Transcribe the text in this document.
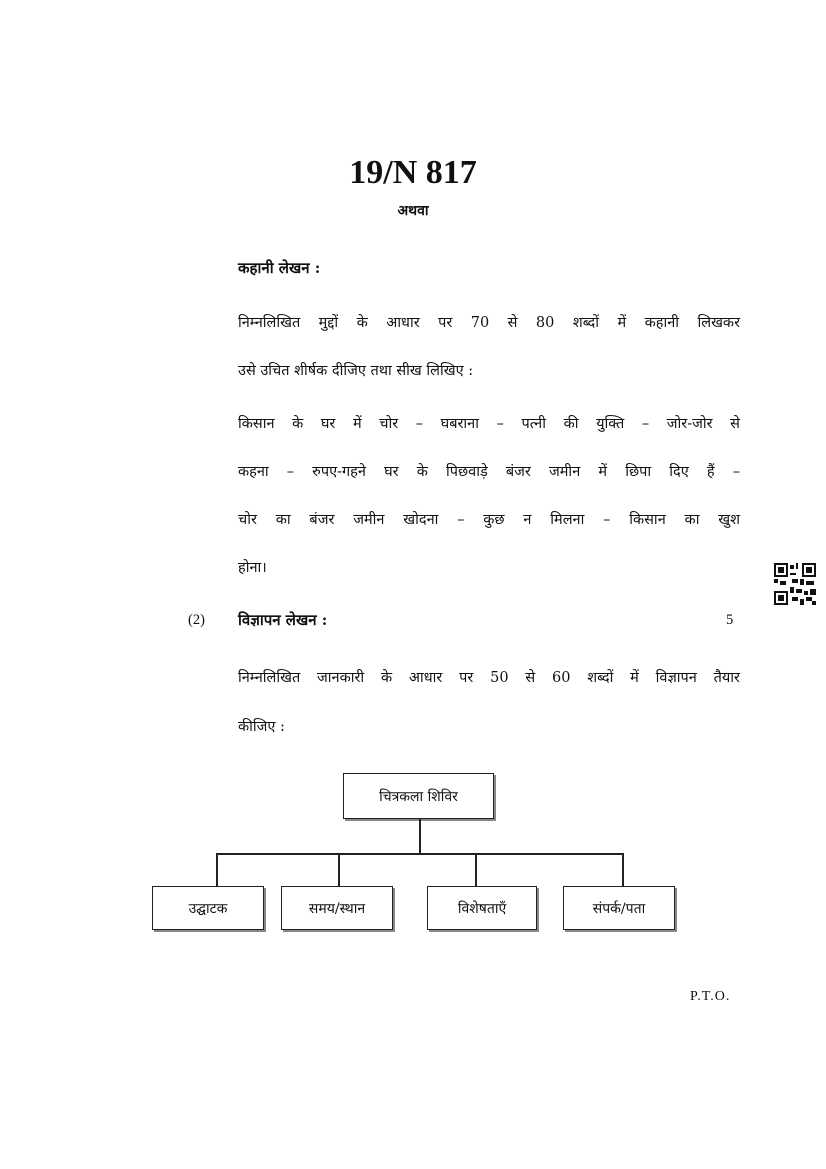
19/N 817
अथवा
कहानी लेखन :
निम्नलिखित मुद्दों के आधार पर 70 से 80 शब्दों में कहानी लिखकर
उसे उचित शीर्षक दीजिए तथा सीख लिखिए :
किसान के घर में चोर – घबराना – पत्नी की युक्ति – जोर-जोर से
कहना – रुपए-गहने घर के पिछवाड़े बंजर जमीन में छिपा दिए हैं –
चोर का बंजर जमीन खोदना – कुछ न मिलना – किसान का खुश
होना।
(2) विज्ञापन लेखन :	5
निम्नलिखित जानकारी के आधार पर 50 से 60 शब्दों में विज्ञापन तैयार
कीजिए :
चित्रकला शिविर
उद्घाटक	समय/स्थान	विशेषताएँ	संपर्क/पता
P.T.O.
